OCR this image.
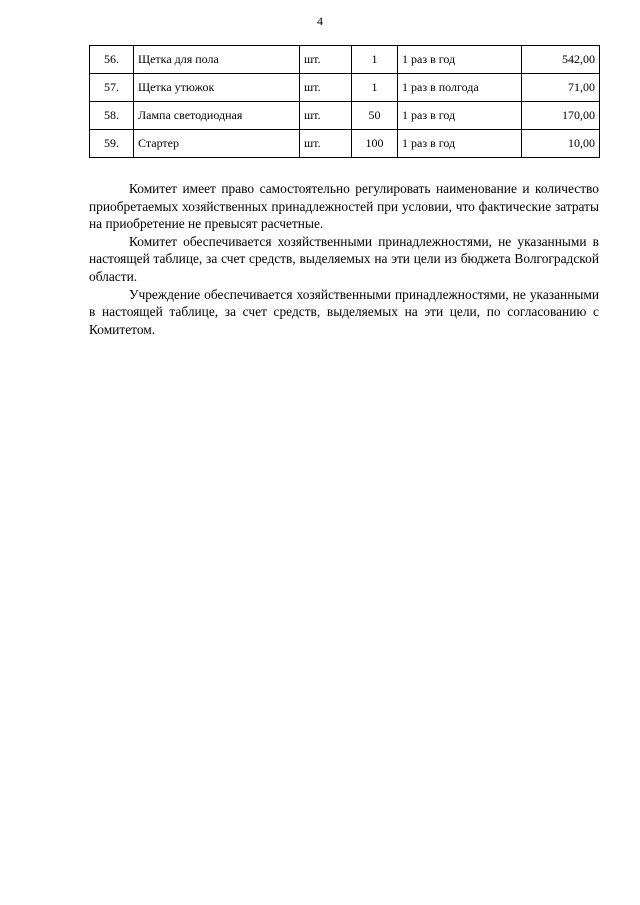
4
56.	Щетка для пола	шт.	1	1 раз в год	542,00
57.	Щетка утюжок	шт.	1	1 раз в полгода	71,00
58.	Лампа светодиодная	шт.	50	1 раз в год	170,00
59.	Стартер	шт.	100	1 раз в год	10,00

Комитет имеет право самостоятельно регулировать наименование и количество приобретаемых хозяйственных принадлежностей при условии, что фактические затраты на приобретение не превысят расчетные.

Комитет обеспечивается хозяйственными принадлежностями, не указанными в настоящей таблице, за счет средств, выделяемых на эти цели из бюджета Волгоградской области.

Учреждение обеспечивается хозяйственными принадлежностями, не указанными в настоящей таблице, за счет средств, выделяемых на эти цели, по согласованию с Комитетом.
